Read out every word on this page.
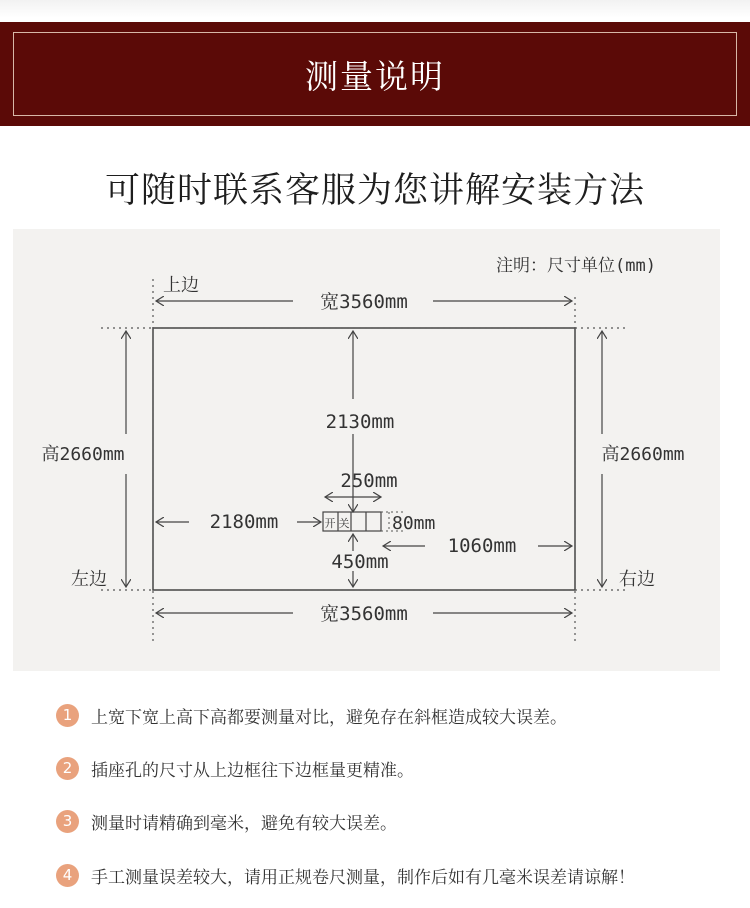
测量说明
可随时联系客服为您讲解安装方法
宽3560mm
宽3560mm
高2660mm	高2660mm
上边
左边	右边
注明：尺寸单位(mm)
2130mm
250mm
开 关 80mm
2180mm
1060mm
450mm
1	上宽下宽上高下高都要测量对比，避免存在斜框造成较大误差。
2	插座孔的尺寸从上边框往下边框量更精准。
3	测量时请精确到毫米，避免有较大误差。
4	手工测量误差较大，请用正规卷尺测量，制作后如有几毫米误差请谅解！
